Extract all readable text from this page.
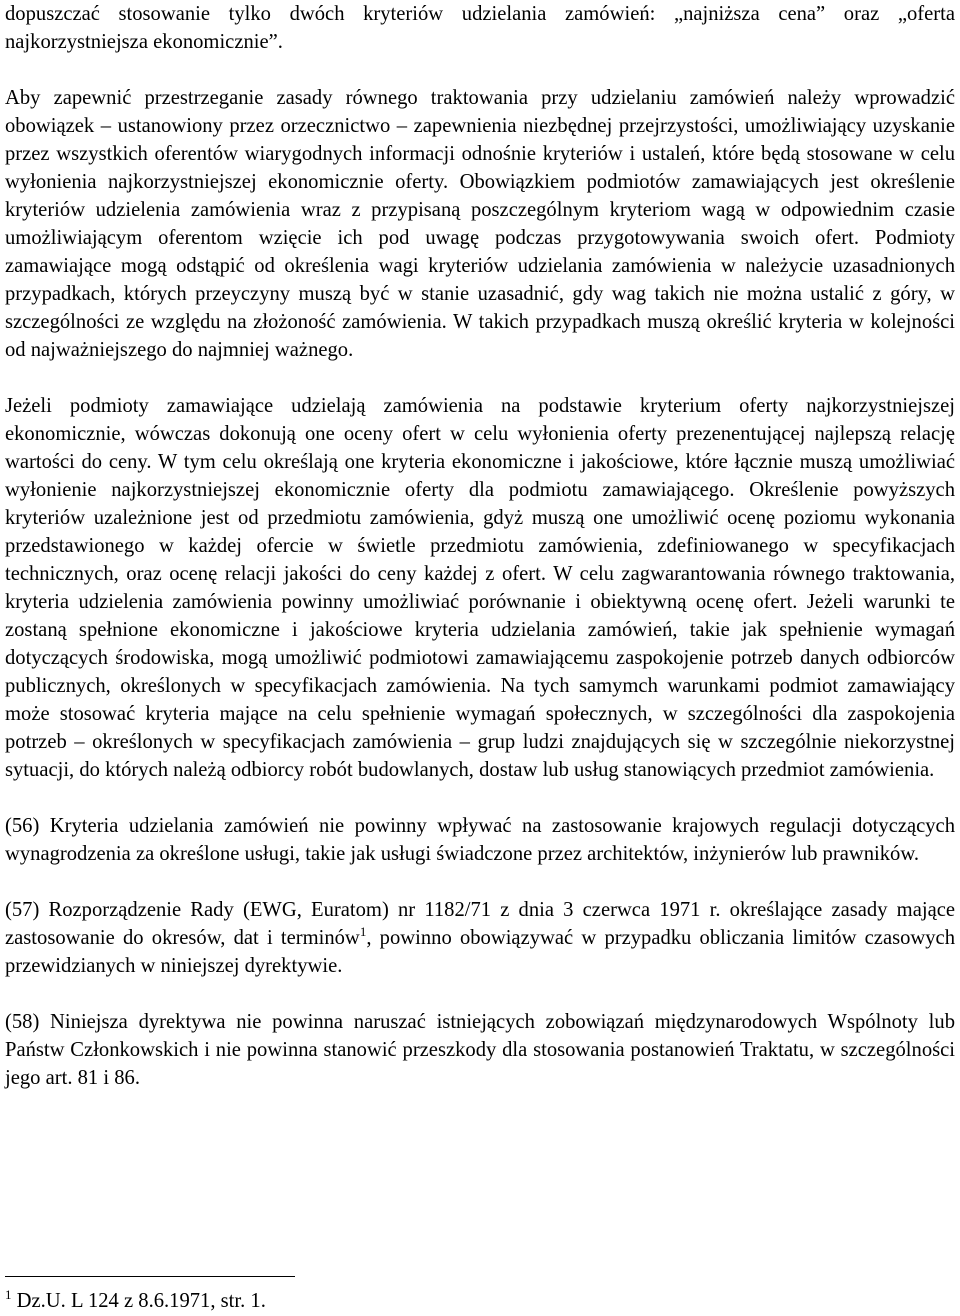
dopuszczać stosowanie tylko dwóch kryteriów udzielania zamówień: „najniższa cena” oraz „oferta najkorzystniejsza ekonomicznie”.

Aby zapewnić przestrzeganie zasady równego traktowania przy udzielaniu zamówień należy wprowadzić obowiązek – ustanowiony przez orzecznictwo – zapewnienia niezbędnej przejrzystości, umożliwiający uzyskanie przez wszystkich oferentów wiarygodnych informacji odnośnie kryteriów i ustaleń, które będą stosowane w celu wyłonienia najkorzystniejszej ekonomicznie oferty. Obowiązkiem podmiotów zamawiających jest określenie kryteriów udzielenia zamówienia wraz z przypisaną poszczególnym kryteriom wagą w odpowiednim czasie umożliwiającym oferentom wzięcie ich pod uwagę podczas przygotowywania swoich ofert. Podmioty zamawiające mogą odstąpić od określenia wagi kryteriów udzielania zamówienia w należycie uzasadnionych przypadkach, których przeyczyny muszą być w stanie uzasadnić, gdy wag takich nie można ustalić z góry, w szczególności ze względu na złożoność zamówienia. W takich przypadkach muszą określić kryteria w kolejności od najważniejszego do najmniej ważnego.

Jeżeli podmioty zamawiające udzielają zamówienia na podstawie kryterium oferty najkorzystniejszej ekonomicznie, wówczas dokonują one oceny ofert w celu wyłonienia oferty prezenentującej najlepszą relację wartości do ceny. W tym celu określają one kryteria ekonomiczne i jakościowe, które łącznie muszą umożliwiać wyłonienie najkorzystniejszej ekonomicznie oferty dla podmiotu zamawiającego. Określenie powyższych kryteriów uzależnione jest od przedmiotu zamówienia, gdyż muszą one umożliwić ocenę poziomu wykonania przedstawionego w każdej ofercie w świetle przedmiotu zamówienia, zdefiniowanego w specyfikacjach technicznych, oraz ocenę relacji jakości do ceny każdej z ofert. W celu zagwarantowania równego traktowania, kryteria udzielenia zamówienia powinny umożliwiać porównanie i obiektywną ocenę ofert. Jeżeli warunki te zostaną spełnione ekonomiczne i jakościowe kryteria udzielania zamówień, takie jak spełnienie wymagań dotyczących środowiska, mogą umożliwić podmiotowi zamawiającemu zaspokojenie potrzeb danych odbiorców publicznych, określonych w specyfikacjach zamówienia. Na tych samymch warunkami podmiot zamawiający może stosować kryteria mające na celu spełnienie wymagań społecznych, w szczególności dla zaspokojenia potrzeb – określonych w specyfikacjach zamówienia – grup ludzi znajdujących się w szczególnie niekorzystnej sytuacji, do których należą odbiorcy robót budowlanych, dostaw lub usług stanowiących przedmiot zamówienia.

(56) Kryteria udzielania zamówień nie powinny wpływać na zastosowanie krajowych regulacji dotyczących wynagrodzenia za określone usługi, takie jak usługi świadczone przez architektów, inżynierów lub prawników.

(57) Rozporządzenie Rady (EWG, Euratom) nr 1182/71 z dnia 3 czerwca 1971 r. określające zasady mające zastosowanie do okresów, dat i terminów$^1$, powinno obowiązywać w przypadku obliczania limitów czasowych przewidzianych w niniejszej dyrektywie.

(58) Niniejsza dyrektywa nie powinna naruszać istniejących zobowiązań międzynarodowych Wspólnoty lub Państw Członkowskich i nie powinna stanowić przeszkody dla stosowania postanowień Traktatu, w szczególności jego art. 81 i 86.

$^1$ Dz.U. L 124 z 8.6.1971, str. 1.
